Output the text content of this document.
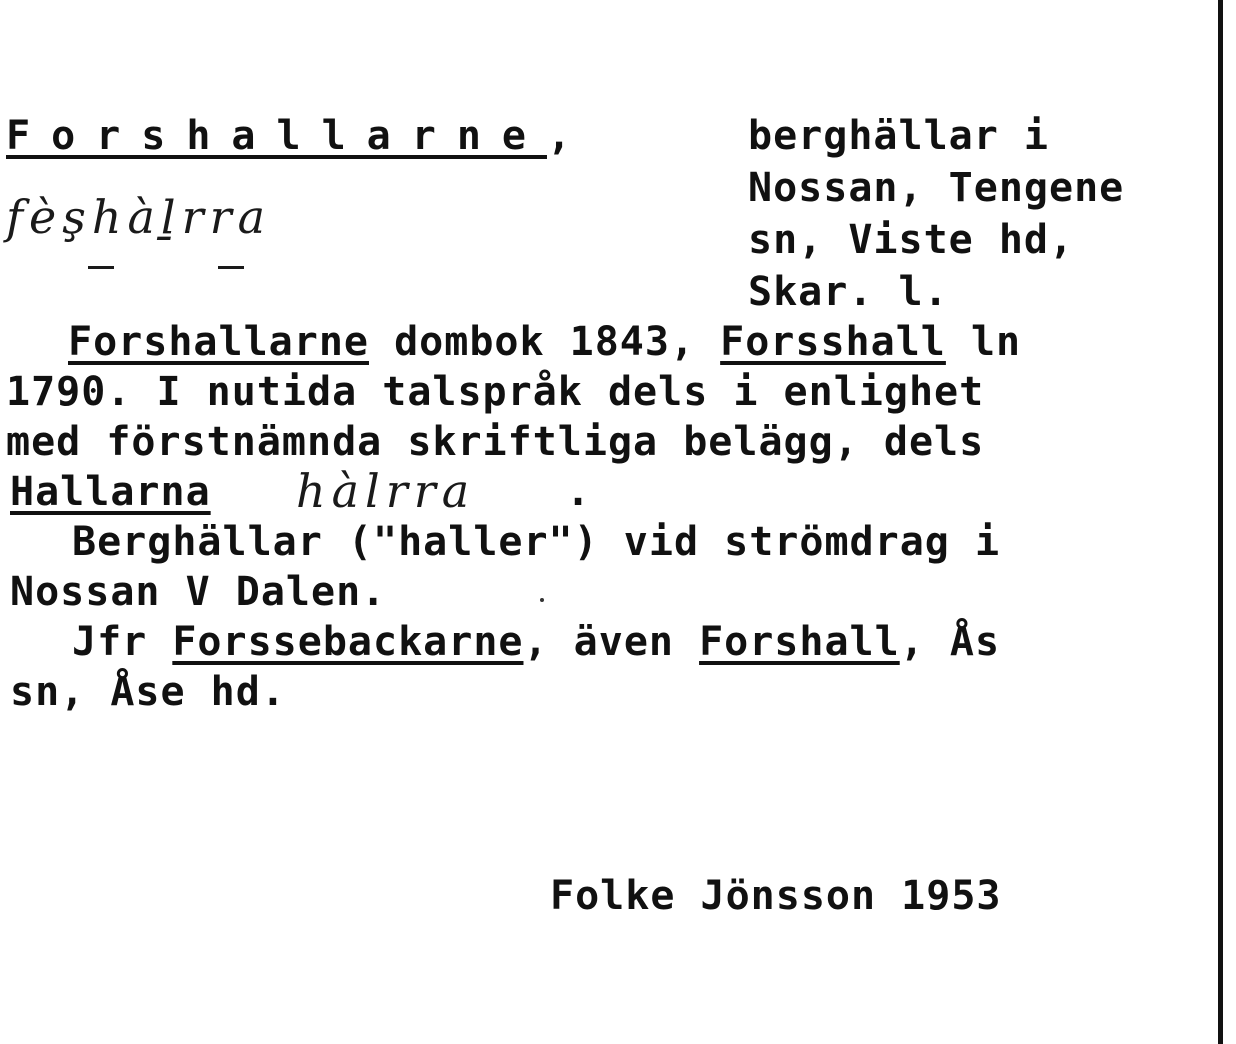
Forshallarne,	berghällar i
Nossan, Tengene
sn, Viste hd,
Skar. l.
fèşhàḻrra
Forshallarne dombok 1843, Forsshall ln
1790. I nutida talspråk dels i enlighet
med förstnämnda skriftliga belägg, dels
Hallarna hàlrra .
Berghällar ("haller") vid strömdrag i
Nossan V Dalen.
Jfr Forssebackarne, även Forshall, Ås
sn, Åse hd.
Folke Jönsson 1953
